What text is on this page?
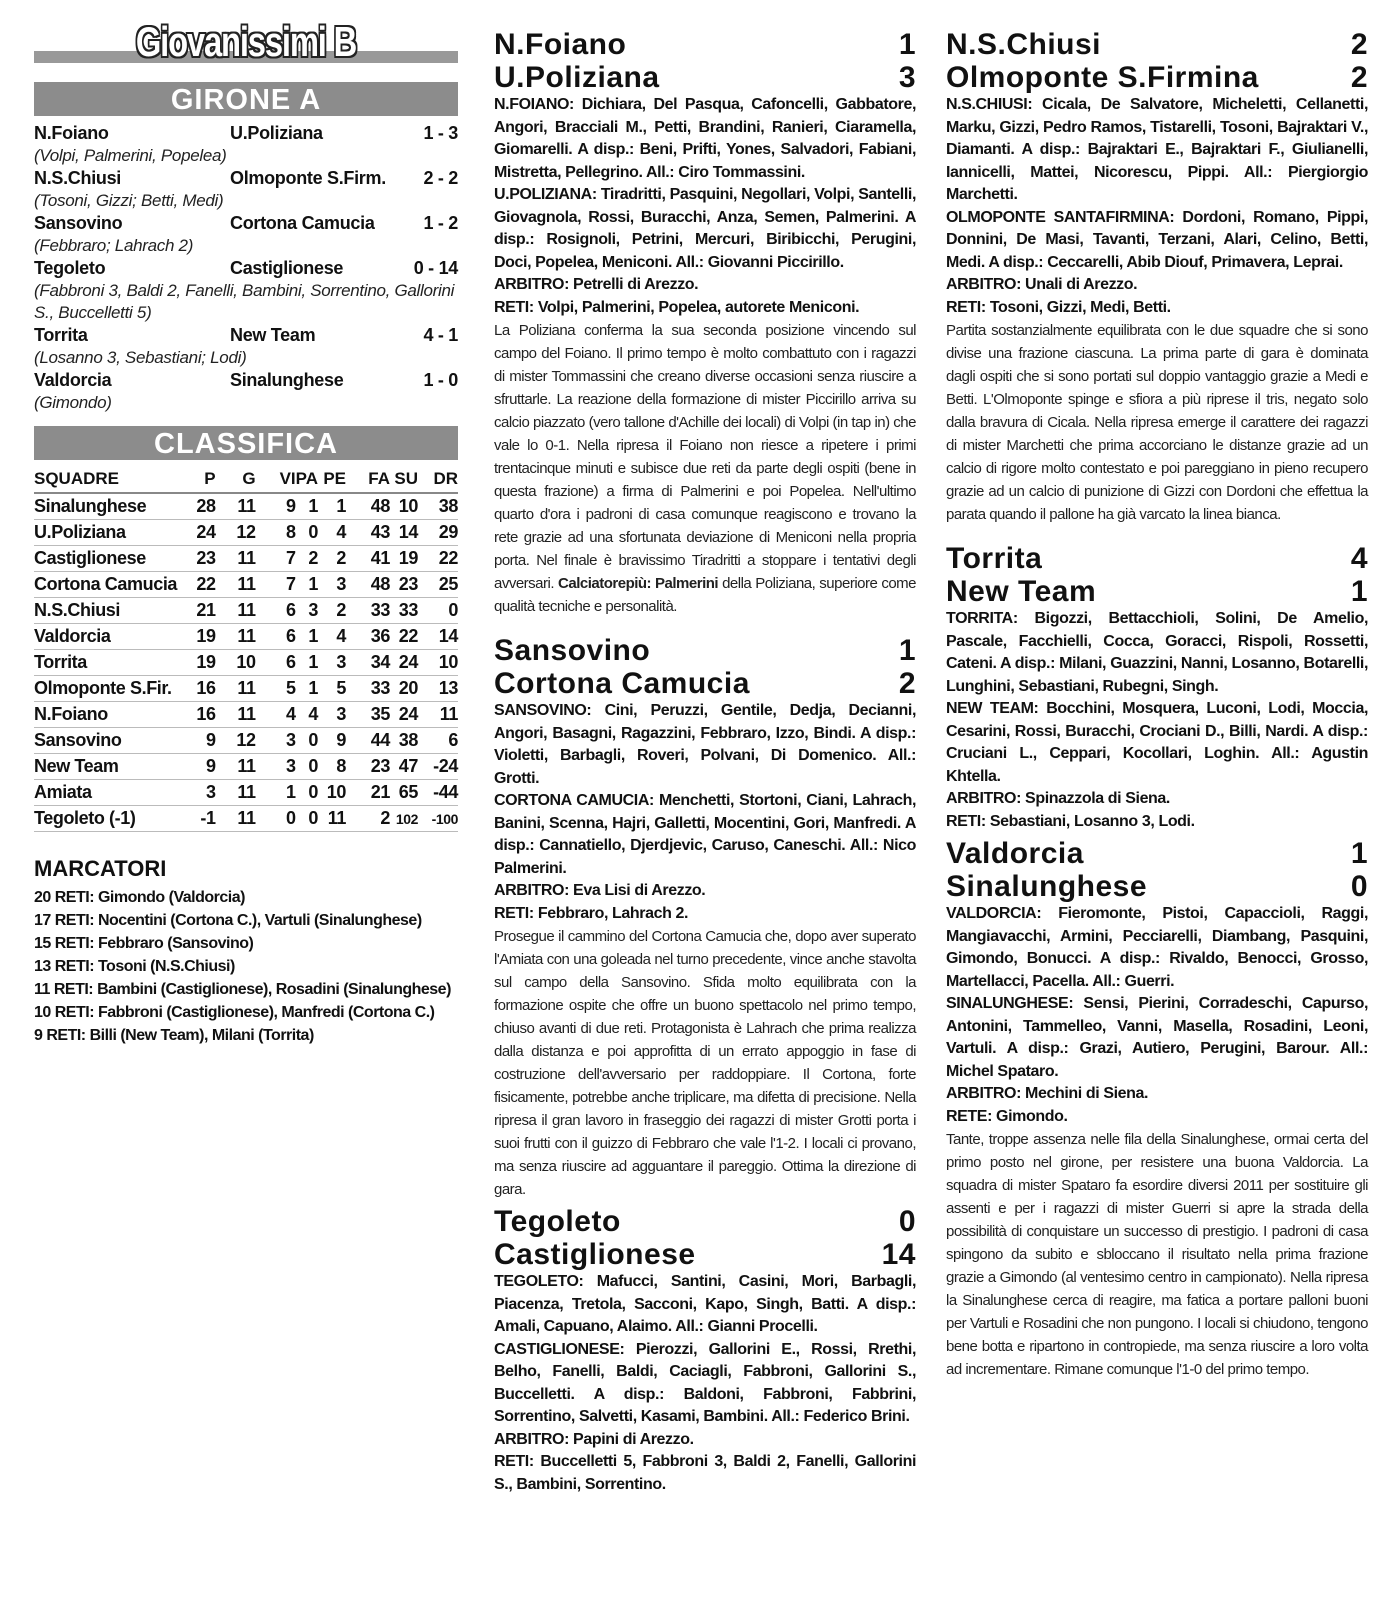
Giovanissimi B
GIRONE A
N.Foiano	U.Poliziana	1 - 3
(Volpi, Palmerini, Popelea)
N.S.Chiusi	Olmoponte S.Firm.	2 - 2
(Tosoni, Gizzi; Betti, Medi)
Sansovino	Cortona Camucia	1 - 2
(Febbraro; Lahrach 2)
Tegoleto	Castiglionese	0 - 14
(Fabbroni 3, Baldi 2, Fanelli, Bambini, Sorrentino, Gallorini S., Buccelletti 5)
Torrita	New Team	4 - 1
(Losanno 3, Sebastiani; Lodi)
Valdorcia	Sinalunghese	1 - 0
(Gimondo)
CLASSIFICA
SQUADRE	P	G	VI	PA	PE	FA	SU	DR
Sinalunghese	28	11	9	1	1	48	10	38
U.Poliziana	24	12	8	0	4	43	14	29
Castiglionese	23	11	7	2	2	41	19	22
Cortona Camucia	22	11	7	1	3	48	23	25
N.S.Chiusi	21	11	6	3	2	33	33	0
Valdorcia	19	11	6	1	4	36	22	14
Torrita	19	10	6	1	3	34	24	10
Olmoponte S.Fir.	16	11	5	1	5	33	20	13
N.Foiano	16	11	4	4	3	35	24	11
Sansovino	9	12	3	0	9	44	38	6
New Team	9	11	3	0	8	23	47	-24
Amiata	3	11	1	0	10	21	65	-44
Tegoleto (-1)	-1	11	0	0	11	2	102	-100
MARCATORI
20 RETI: Gimondo (Valdorcia)
17 RETI: Nocentini (Cortona C.), Vartuli (Sinalunghese)
15 RETI: Febbraro (Sansovino)
13 RETI: Tosoni (N.S.Chiusi)
11 RETI: Bambini (Castiglionese), Rosadini (Sinalunghese)
10 RETI: Fabbroni (Castiglionese), Manfredi (Cortona C.)
9 RETI: Billi (New Team), Milani (Torrita)
N.Foiano	1
U.Poliziana	3

N.FOIANO: Dichiara, Del Pasqua, Cafoncelli, Gabbatore, Angori, Bracciali M., Petti, Brandini, Ranieri, Ciaramella, Giomarelli. A disp.: Beni, Prifti, Yones, Salvadori, Fabiani, Mistretta, Pellegrino. All.: Ciro Tommassini.

U.POLIZIANA: Tiradritti, Pasquini, Negollari, Volpi, Santelli, Giovagnola, Rossi, Buracchi, Anza, Semen, Palmerini. A disp.: Rosignoli, Petrini, Mercuri, Biribicchi, Perugini, Doci, Popelea, Meniconi. All.: Giovanni Piccirillo.

ARBITRO: Petrelli di Arezzo.

RETI: Volpi, Palmerini, Popelea, autorete Meniconi.

La Poliziana conferma la sua seconda posizione vincendo sul campo del Foiano. Il primo tempo è molto combattuto con i ragazzi di mister Tommassini che creano diverse occasioni senza riuscire a sfruttarle. La reazione della formazione di mister Piccirillo arriva su calcio piazzato (vero tallone d'Achille dei locali) di Volpi (in tap in) che vale lo 0-1. Nella ripresa il Foiano non riesce a ripetere i primi trentacinque minuti e subisce due reti da parte degli ospiti (bene in questa frazione) a firma di Palmerini e poi Popelea. Nell'ultimo quarto d'ora i padroni di casa comunque reagiscono e trovano la rete grazie ad una sfortunata deviazione di Meniconi nella propria porta. Nel finale è bravissimo Tiradritti a stoppare i tentativi degli avversari. Calciatorepiù: Palmerini della Poliziana, superiore come qualità tecniche e personalità.

Sansovino	1
Cortona Camucia	2

SANSOVINO: Cini, Peruzzi, Gentile, Dedja, Decianni, Angori, Basagni, Ragazzini, Febbraro, Izzo, Bindi. A disp.: Violetti, Barbagli, Roveri, Polvani, Di Domenico. All.: Grotti.

CORTONA CAMUCIA: Menchetti, Stortoni, Ciani, Lahrach, Banini, Scenna, Hajri, Galletti, Mocentini, Gori, Manfredi. A disp.: Cannatiello, Djerdjevic, Caruso, Caneschi. All.: Nico Palmerini.

ARBITRO: Eva Lisi di Arezzo.

RETI: Febbraro, Lahrach 2.

Prosegue il cammino del Cortona Camucia che, dopo aver superato l'Amiata con una goleada nel turno precedente, vince anche stavolta sul campo della Sansovino. Sfida molto equilibrata con la formazione ospite che offre un buono spettacolo nel primo tempo, chiuso avanti di due reti. Protagonista è Lahrach che prima realizza dalla distanza e poi approfitta di un errato appoggio in fase di costruzione dell'avversario per raddoppiare. Il Cortona, forte fisicamente, potrebbe anche triplicare, ma difetta di precisione. Nella ripresa il gran lavoro in fraseggio dei ragazzi di mister Grotti porta i suoi frutti con il guizzo di Febbraro che vale l'1-2. I locali ci provano, ma senza riuscire ad agguantare il pareggio. Ottima la direzione di gara.

Tegoleto	0
Castiglionese	14

TEGOLETO: Mafucci, Santini, Casini, Mori, Barbagli, Piacenza, Tretola, Sacconi, Kapo, Singh, Batti. A disp.: Amali, Capuano, Alaimo. All.: Gianni Procelli.

CASTIGLIONESE: Pierozzi, Gallorini E., Rossi, Rrethi, Belho, Fanelli, Baldi, Caciagli, Fabbroni, Gallorini S., Buccelletti. A disp.: Baldoni, Fabbroni, Fabbrini, Sorrentino, Salvetti, Kasami, Bambini. All.: Federico Brini.

ARBITRO: Papini di Arezzo.

RETI: Buccelletti 5, Fabbroni 3, Baldi 2, Fanelli, Gallorini S., Bambini, Sorrentino.

N.S.Chiusi	2
Olmoponte S.Firmina	2

N.S.CHIUSI: Cicala, De Salvatore, Micheletti, Cellanetti, Marku, Gizzi, Pedro Ramos, Tistarelli, Tosoni, Bajraktari V., Diamanti. A disp.: Bajraktari E., Bajraktari F., Giulianelli, Iannicelli, Mattei, Nicorescu, Pippi. All.: Piergiorgio Marchetti.

OLMOPONTE SANTAFIRMINA: Dordoni, Romano, Pippi, Donnini, De Masi, Tavanti, Terzani, Alari, Celino, Betti, Medi. A disp.: Ceccarelli, Abib Diouf, Primavera, Leprai.

ARBITRO: Unali di Arezzo.

RETI: Tosoni, Gizzi, Medi, Betti.

Partita sostanzialmente equilibrata con le due squadre che si sono divise una frazione ciascuna. La prima parte di gara è dominata dagli ospiti che si sono portati sul doppio vantaggio grazie a Medi e Betti. L'Olmoponte spinge e sfiora a più riprese il tris, negato solo dalla bravura di Cicala. Nella ripresa emerge il carattere dei ragazzi di mister Marchetti che prima accorciano le distanze grazie ad un calcio di rigore molto contestato e poi pareggiano in pieno recupero grazie ad un calcio di punizione di Gizzi con Dordoni che effettua la parata quando il pallone ha già varcato la linea bianca.

Torrita	4
New Team	1

TORRITA: Bigozzi, Bettacchioli, Solini, De Amelio, Pascale, Facchielli, Cocca, Goracci, Rispoli, Rossetti, Cateni. A disp.: Milani, Guazzini, Nanni, Losanno, Botarelli, Lunghini, Sebastiani, Rubegni, Singh.

NEW TEAM: Bocchini, Mosquera, Luconi, Lodi, Moccia, Cesarini, Rossi, Buracchi, Crociani D., Billi, Nardi. A disp.: Cruciani L., Ceppari, Kocollari, Loghin. All.: Agustin Khtella.

ARBITRO: Spinazzola di Siena.

RETI: Sebastiani, Losanno 3, Lodi.

Valdorcia	1
Sinalunghese	0

VALDORCIA: Fieromonte, Pistoi, Capaccioli, Raggi, Mangiavacchi, Armini, Pecciarelli, Diambang, Pasquini, Gimondo, Bonucci. A disp.: Rivaldo, Benocci, Grosso, Martellacci, Pacella. All.: Guerri.

SINALUNGHESE: Sensi, Pierini, Corradeschi, Capurso, Antonini, Tammelleo, Vanni, Masella, Rosadini, Leoni, Vartuli. A disp.: Grazi, Autiero, Perugini, Barour. All.: Michel Spataro.

ARBITRO: Mechini di Siena.

RETE: Gimondo.

Tante, troppe assenza nelle fila della Sinalunghese, ormai certa del primo posto nel girone, per resistere una buona Valdorcia. La squadra di mister Spataro fa esordire diversi 2011 per sostituire gli assenti e per i ragazzi di mister Guerri si apre la strada della possibilità di conquistare un successo di prestigio. I padroni di casa spingono da subito e sbloccano il risultato nella prima frazione grazie a Gimondo (al ventesimo centro in campionato). Nella ripresa la Sinalunghese cerca di reagire, ma fatica a portare palloni buoni per Vartuli e Rosadini che non pungono. I locali si chiudono, tengono bene botta e ripartono in contropiede, ma senza riuscire a loro volta ad incrementare. Rimane comunque l'1-0 del primo tempo.
